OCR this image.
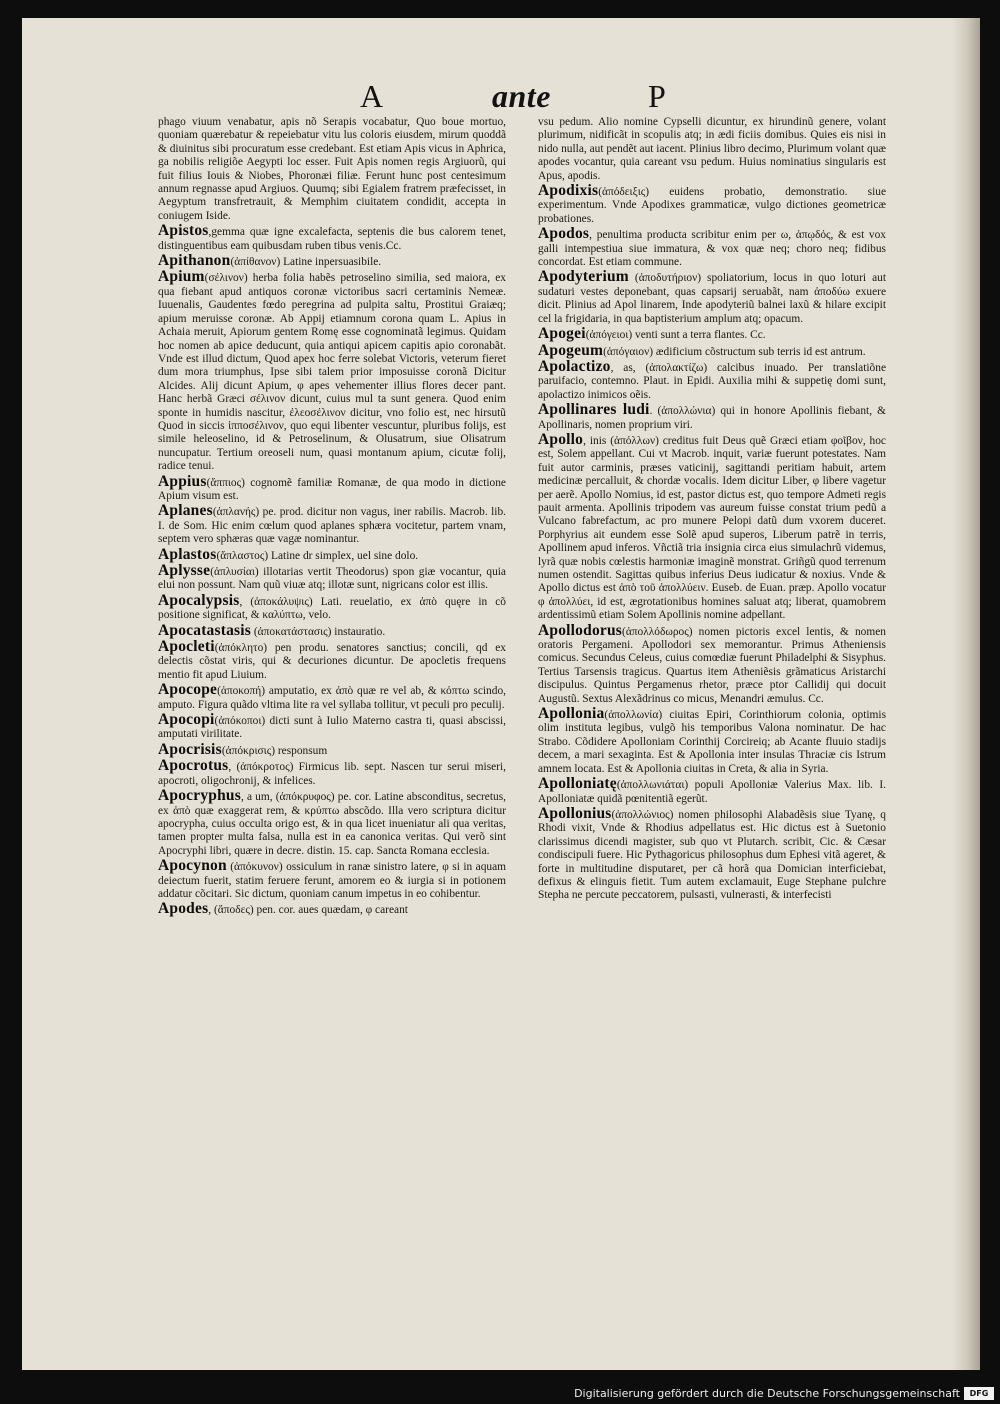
A	ante	P

phago viuum venabatur, apis nõ Serapis vocabatur, Quo boue mortuo, quoniam quærebatur & repeiebatur vitu lus coloris eiusdem, mirum quoddã & diuinitus sibi procuratum esse credebant. Est etiam Apis vicus in Aphrica, ga nobilis religiõe Aegypti loc esser. Fuit Apis nomen regis Argiuorũ, qui fuit filius Iouis & Niobes, Phoronæi filiæ. Ferunt hunc post centesimum annum regnasse apud Argiuos. Quumq; sibi Egialem fratrem præfecisset, in Aegyptum transfretrauit, & Memphim ciuitatem condidit, accepta in coniugem Iside.

Apistos,gemma quæ igne excalefacta, septenis die bus calorem tenet, distinguentibus eam quibusdam ruben tibus venis.Cc.

Apithanon(ἀπίθανον) Latine inpersuasibile.

Apium(σέλινον) herba folia habẽs petroselino similia, sed maiora, ex qua fiebant apud antiquos coronæ victoribus sacri certaminis Nemeæ. Iuuenalis, Gaudentes fœdo peregrina ad pulpita saltu, Prostitui Graiæq; apium meruisse coronæ. Ab Appij etiamnum corona quam L. Apius in Achaia meruit, Apiorum gentem Romę esse cognominatã legimus. Quidam hoc nomen ab apice deducunt, quia antiqui apicem capitis apio coronabãt. Vnde est illud dictum, Quod apex hoc ferre solebat Victoris, veterum fieret dum mora triumphus, Ipse sibi talem prior imposuisse coronã Dicitur Alcides. Alij dicunt Apium, φ apes vehementer illius flores decer pant. Hanc herbã Græci σέλινον dicunt, cuius mul ta sunt genera. Quod enim sponte in humidis nascitur, ἐλεοσέλινον dicitur, vno folio est, nec hirsutũ Quod in siccis ἱπποσέλινον, quo equi libenter vescuntur, pluribus folijs, est simile heleoselino, id & Petroselinum, & Olusatrum, siue Olisatrum nuncupatur. Tertium oreoseli num, quasi montanum apium, cicutæ folij, radice tenui.

Appius(ἄππιος) cognomẽ familiæ Romanæ, de qua modo in dictione Apium visum est.

Aplanes(ἀπλανής) pe. prod. dicitur non vagus, iner rabilis. Macrob. lib. I. de Som. Hic enim cœlum quod aplanes sphæra vocitetur, partem vnam, septem vero sphæras quæ vagæ nominantur.

Aplastos(ἄπλαστος) Latine dr simplex, uel sine dolo.

Aplysse(ἀπλυσίαι) illotarias vertit Theodorus) spon giæ vocantur, quia elui non possunt. Nam quũ viuæ atq; illotæ sunt, nigricans color est illis.

Apocalypsis, (ἀποκάλυψις) Lati. reuelatio, ex ἀπὸ quęre in cõ positione significat, & καλύπτω, velo.

Apocatastasis (ἀποκατάστασις) instauratio.

Apocleti(ἀπόκλητο) pen produ. senatores sanctius; concili, qd ex delectis cõstat viris, qui & decuriones dicuntur. De apocletis frequens mentio fit apud Liuium.

Apocope(ἀποκοπή) amputatio, ex ἀπὸ quæ re vel ab, & κόπτω scindo, amputo. Figura quãdo vltima lite ra vel syllaba tollitur, vt peculi pro peculij.

Apocopi(ἀπόκοποι) dicti sunt à Iulio Materno castra ti, quasi abscissi, amputati virilitate.

Apocrisis(ἀπόκρισις) responsum

Apocrotus, (ἀπόκροτος) Firmicus lib. sept. Nascen tur serui miseri, apocroti, oligochronij, & infelices.

Apocryphus, a um, (ἀπόκρυφος) pe. cor. Latine absconditus, secretus, ex ἀπὸ quæ exaggerat rem, & κρύπτω abscõdo. Illa vero scriptura dicitur apocrypha, cuius occulta origo est, & in qua licet inueniatur ali qua veritas, tamen propter multa falsa, nulla est in ea canonica veritas. Qui verõ sint Apocryphi libri, quære in decre. distin. 15. cap. Sancta Romana ecclesia.

Apocynon (ἀπόκυνον) ossiculum in ranæ sinistro latere, φ si in aquam deiectum fuerit, statim feruere ferunt, amorem eo & iurgia si in potionem addatur cõcitari. Sic dictum, quoniam canum impetus in eo cohibentur.

Apodes, (ἄποδες) pen. cor. aues quædam, φ careant

vsu pedum. Alio nomine Cypselli dicuntur, ex hirundinũ genere, volant plurimum, nidificãt in scopulis atq; in ædi ficiis domibus. Quies eis nisi in nido nulla, aut pendẽt aut iacent. Plinius libro decimo, Plurimum volant quæ apodes vocantur, quia careant vsu pedum. Huius nominatius singularis est Apus, apodis.

Apodixis(ἀπόδειξις) euidens probatio, demonstratio. siue experimentum. Vnde Apodixes grammaticæ, vulgo dictiones geometricæ probationes.

Apodos, penultima producta scribitur enim per ω, ἀπῳδός, & est vox galli intempestiua siue immatura, & vox quæ neq; choro neq; fidibus concordat. Est etiam commune.

Apodyterium (ἀποδυτήριον) spoliatorium, locus in quo loturi aut sudaturi vestes deponebant, quas capsarij seruabãt, nam ἀποδύω exuere dicit. Plinius ad Apol linarem, Inde apodyteriũ balnei laxũ & hilare excipit cel la frigidaria, in qua baptisterium amplum atq; opacum.

Apogei(ἀπόγειοι) venti sunt a terra flantes. Cc.

Apogeum(ἀπόγαιον) ædificium cõstructum sub terris id est antrum.

Apolactizo, as, (ἀπολακτίζω) calcibus inuado. Per translatiõne paruifacio, contemno. Plaut. in Epidi. Auxilia mihi & suppetię domi sunt, apolactizo inimicos oẽis.

Apollinares ludi. (ἀπολλώνια) qui in honore Apollinis fiebant, & Apollinaris, nomen proprium viri.

Apollo, inis (ἀπόλλων) creditus fuit Deus quẽ Græci etiam φοῖβον, hoc est, Solem appellant. Cui vt Macrob. inquit, variæ fuerunt potestates. Nam fuit autor carminis, præses vaticinij, sagittandi peritiam habuit, artem medicinæ percalluit, & chordæ vocalis. Idem dicitur Liber, φ libere vagetur per aerẽ. Apollo Nomius, id est, pastor dictus est, quo tempore Admeti regis pauit armenta. Apollinis tripodem vas aureum fuisse constat trium pedũ a Vulcano fabrefactum, ac pro munere Pelopi datũ dum vxorem duceret. Porphyrius ait eundem esse Solẽ apud superos, Liberum patrẽ in terris, Apollinem apud inferos. Vñctiã tria insignia circa eius simulachrũ videmus, lyrã quæ nobis cœlestis harmoniæ imaginẽ monstrat. Griñgũ quod terrenum numen ostendit. Sagittas quibus inferius Deus iudicatur & noxius. Vnde & Apollo dictus est ἀπὸ τοῦ ἀπολλύειν. Euseb. de Euan. præp. Apollo vocatur φ ἀπολλύει, id est, ægrotationibus homines saluat atq; liberat, quamobrem ardentissimũ etiam Solem Apollinis nomine adpellant.

Apollodorus(ἀπολλόδωρος) nomen pictoris excel lentis, & nomen oratoris Pergameni. Apollodori sex memorantur. Primus Atheniensis comicus. Secundus Celeus, cuius comœdiæ fuerunt Philadelphi & Sisyphus. Tertius Tarsensis tragicus. Quartus item Atheniẽsis grãmaticus Aristarchi discipulus. Quintus Pergamenus rhetor, præce ptor Callidij qui docuit Augustũ. Sextus Alexãdrinus co micus, Menandri æmulus. Cc.

Apollonia(ἀπολλωνία) ciuitas Epiri, Corinthiorum colonia, optimis olim instituta legibus, vulgõ his temporibus Valona nominatur. De hac Strabo. Cõdidere Apolloniam Corinthij Corcireiq; ab Acante fluuio stadijs decem, a mari sexaginta. Est & Apollonia inter insulas Thraciæ cis Istrum amnem locata. Est & Apollonia ciuitas in Creta, & alia in Syria.

Apolloniatę(ἀπολλωνιάται) populi Apolloniæ Valerius Max. lib. I. Apolloniatæ quidã pœnitentiã egerũt.

Apollonius(ἀπολλώνιος) nomen philosophi Alabadẽsis siue Tyanę, q Rhodi vixit, Vnde & Rhodius adpellatus est. Hic dictus est à Suetonio clarissimus dicendi magister, sub quo vt Plutarch. scribit, Cic. & Cæsar condiscipuli fuere. Hic Pythagoricus philosophus dum Ephesi vitã ageret, & forte in multitudine disputaret, per cã horã qua Domician interficiebat, defixus & elinguis fietit. Tum autem exclamauit, Euge Stephane pulchre Stepha ne percute peccatorem, pulsasti, vulnerasti, & interfecisti

Digitalisierung gefördert durch die Deutsche Forschungsgemeinschaft	DFG
